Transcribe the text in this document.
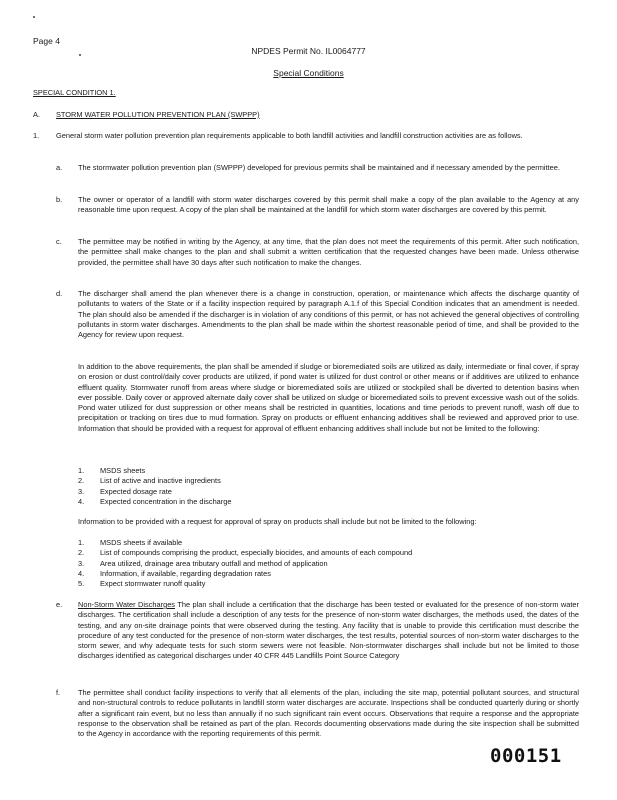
Page 4
NPDES Permit No. IL0064777
Special Conditions
SPECIAL CONDITION 1.
A. STORM WATER POLLUTION PREVENTION PLAN (SWPPP)
1. General storm water pollution prevention plan requirements applicable to both landfill activities and landfill construction activities are as follows.
a. The stormwater pollution prevention plan (SWPPP) developed for previous permits shall be maintained and if necessary amended by the permittee.
b. The owner or operator of a landfill with storm water discharges covered by this permit shall make a copy of the plan available to the Agency at any reasonable time upon request. A copy of the plan shall be maintained at the landfill for which storm water discharges are covered by this permit.
c. The permittee may be notified in writing by the Agency, at any time, that the plan does not meet the requirements of this permit. After such notification, the permittee shall make changes to the plan and shall submit a written certification that the requested changes have been made. Unless otherwise provided, the permittee shall have 30 days after such notification to make the changes.
d. The discharger shall amend the plan whenever there is a change in construction, operation, or maintenance which affects the discharge quantity of pollutants to waters of the State or if a facility inspection required by paragraph A.1.f of this Special Condition indicates that an amendment is needed. The plan should also be amended if the discharger is in violation of any conditions of this permit, or has not achieved the general objectives of controlling pollutants in storm water discharges. Amendments to the plan shall be made within the shortest reasonable period of time, and shall be provided to the Agency for review upon request.
In addition to the above requirements, the plan shall be amended if sludge or bioremediated soils are utilized as daily, intermediate or final cover, if spray on erosion or dust control/daily cover products are utilized, if pond water is utilized for dust control or other means or if additives are utilized to enhance effluent quality. Stormwater runoff from areas where sludge or bioremediated soils are utilized or stockpiled shall be diverted to detention basins when ever possible. Daily cover or approved alternate daily cover shall be utilized on sludge or bioremediated soils to prevent excessive wash out of the solids. Pond water utilized for dust suppression or other means shall be restricted in quantities, locations and time periods to prevent runoff, wash off due to precipitation or tracking on tires due to mud formation. Spray on products or effluent enhancing additives shall be reviewed and approved prior to use. Information that should be provided with a request for approval of effluent enhancing additives shall include but not be limited to the following:
1. MSDS sheets
2. List of active and inactive ingredients
3. Expected dosage rate
4. Expected concentration in the discharge
Information to be provided with a request for approval of spray on products shall include but not be limited to the following:
1. MSDS sheets if available
2. List of compounds comprising the product, especially biocides, and amounts of each compound
3. Area utilized, drainage area tributary outfall and method of application
4. Information, if available, regarding degradation rates
5. Expect stormwater runoff quality
e. Non-Storm Water Discharges The plan shall include a certification that the discharge has been tested or evaluated for the presence of non-storm water discharges. The certification shall include a description of any tests for the presence of non-storm water discharges, the methods used, the dates of the testing, and any on-site drainage points that were observed during the testing. Any facility that is unable to provide this certification must describe the procedure of any test conducted for the presence of non-storm water discharges, the test results, potential sources of non-storm water discharges to the storm sewer, and why adequate tests for such storm sewers were not feasible. Non-stormwater discharges shall include but not be limited to those discharges identified as categorical discharges under 40 CFR 445 Landfills Point Source Category
f. The permittee shall conduct facility inspections to verify that all elements of the plan, including the site map, potential pollutant sources, and structural and non-structural controls to reduce pollutants in landfill storm water discharges are accurate. Inspections shall be conducted quarterly during or shortly after a significant rain event, but no less than annually if no such significant rain event occurs. Observations that require a response and the appropriate response to the observation shall be retained as part of the plan. Records documenting observations made during the site inspection shall be submitted to the Agency in accordance with the reporting requirements of this permit.
000151
